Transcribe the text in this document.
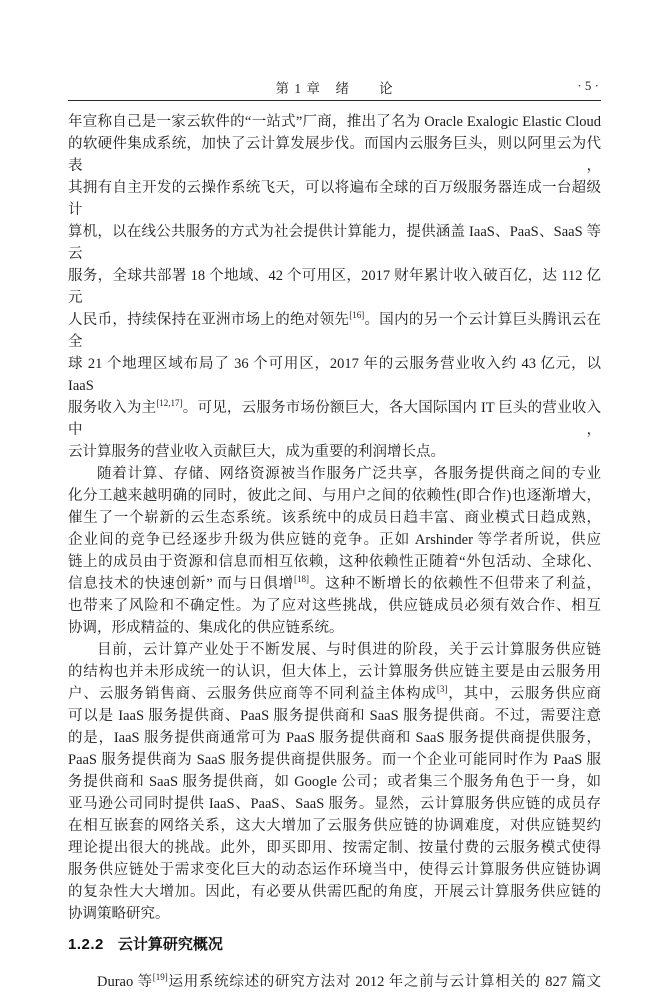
第 1 章　绪　　论	· 5 ·
年宣称自己是一家云软件的“一站式”厂商，推出了名为 Oracle Exalogic Elastic Cloud
的软硬件集成系统，加快了云计算发展步伐。而国内云服务巨头，则以阿里云为代表，
其拥有自主开发的云操作系统飞天，可以将遍布全球的百万级服务器连成一台超级计
算机，以在线公共服务的方式为社会提供计算能力，提供涵盖 IaaS、PaaS、SaaS 等云
服务，全球共部署 18 个地域、42 个可用区，2017 财年累计收入破百亿，达 112 亿元
人民币，持续保持在亚洲市场上的绝对领先[16]。国内的另一个云计算巨头腾讯云在全
球 21 个地理区域布局了 36 个可用区，2017 年的云服务营业收入约 43 亿元，以 IaaS
服务收入为主[12,17]。可见，云服务市场份额巨大，各大国际国内 IT 巨头的营业收入中，
云计算服务的营业收入贡献巨大，成为重要的利润增长点。
随着计算、存储、网络资源被当作服务广泛共享，各服务提供商之间的专业
化分工越来越明确的同时，彼此之间、与用户之间的依赖性(即合作)也逐渐增大，
催生了一个崭新的云生态系统。该系统中的成员日趋丰富、商业模式日趋成熟，
企业间的竞争已经逐步升级为供应链的竞争。正如 Arshinder 等学者所说，供应
链上的成员由于资源和信息而相互依赖，这种依赖性正随着“外包活动、全球化、
信息技术的快速创新” 而与日俱增[18]。这种不断增长的依赖性不但带来了利益，
也带来了风险和不确定性。为了应对这些挑战，供应链成员必须有效合作、相互
协调，形成精益的、集成化的供应链系统。
目前，云计算产业处于不断发展、与时俱进的阶段，关于云计算服务供应链
的结构也并未形成统一的认识，但大体上，云计算服务供应链主要是由云服务用
户、云服务销售商、云服务供应商等不同利益主体构成[3]，其中，云服务供应商
可以是 IaaS 服务提供商、PaaS 服务提供商和 SaaS 服务提供商。不过，需要注意
的是，IaaS 服务提供商通常可为 PaaS 服务提供商和 SaaS 服务提供商提供服务，
PaaS 服务提供商为 SaaS 服务提供商提供服务。而一个企业可能同时作为 PaaS 服
务提供商和 SaaS 服务提供商，如 Google 公司；或者集三个服务角色于一身，如
亚马逊公司同时提供 IaaS、PaaS、SaaS 服务。显然，云计算服务供应链的成员存
在相互嵌套的网络关系，这大大增加了云服务供应链的协调难度，对供应链契约
理论提出很大的挑战。此外，即买即用、按需定制、按量付费的云服务模式使得
服务供应链处于需求变化巨大的动态运作环境当中，使得云计算服务供应链协调
的复杂性大大增加。因此，有必要从供需匹配的角度，开展云计算服务供应链的
协调策略研究。
1.2.2 云计算研究概况
Durao 等[19]运用系统综述的研究方法对 2012 年之前与云计算相关的 827 篇文
